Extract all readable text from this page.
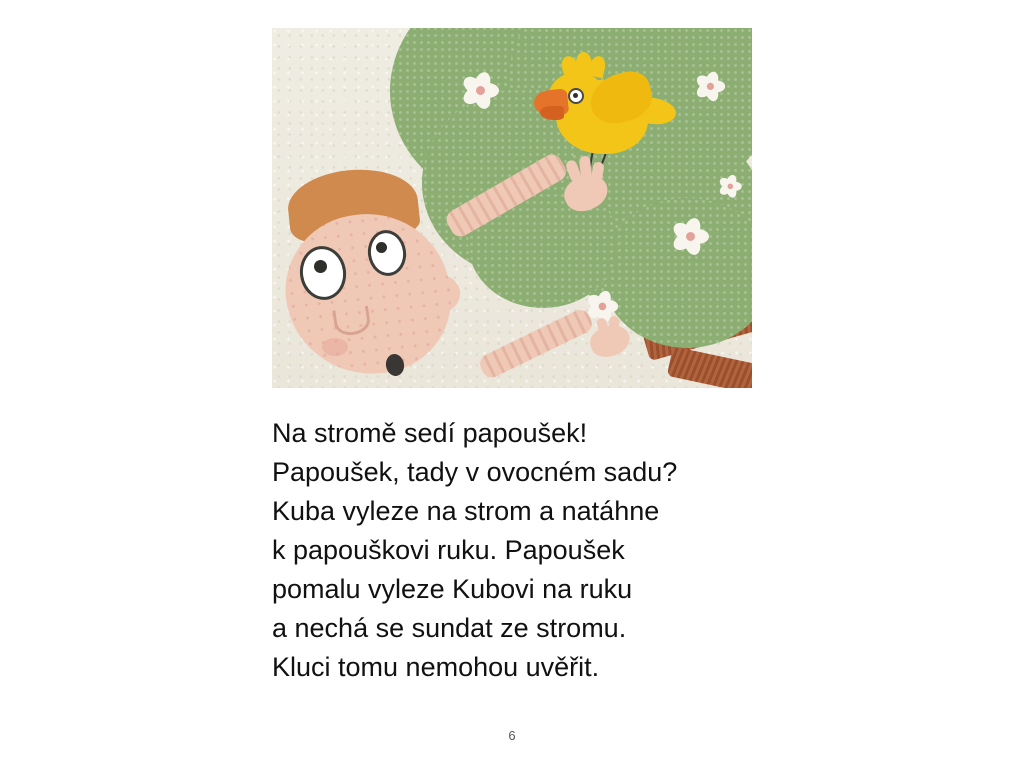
Na stromě sedí papoušek!

Papoušek, tady v ovocném sadu?

Kuba vyleze na strom a natáhne

k papouškovi ruku. Papoušek

pomalu vyleze Kubovi na ruku

a nechá se sundat ze stromu.

Kluci tomu nemohou uvěřit.

6
